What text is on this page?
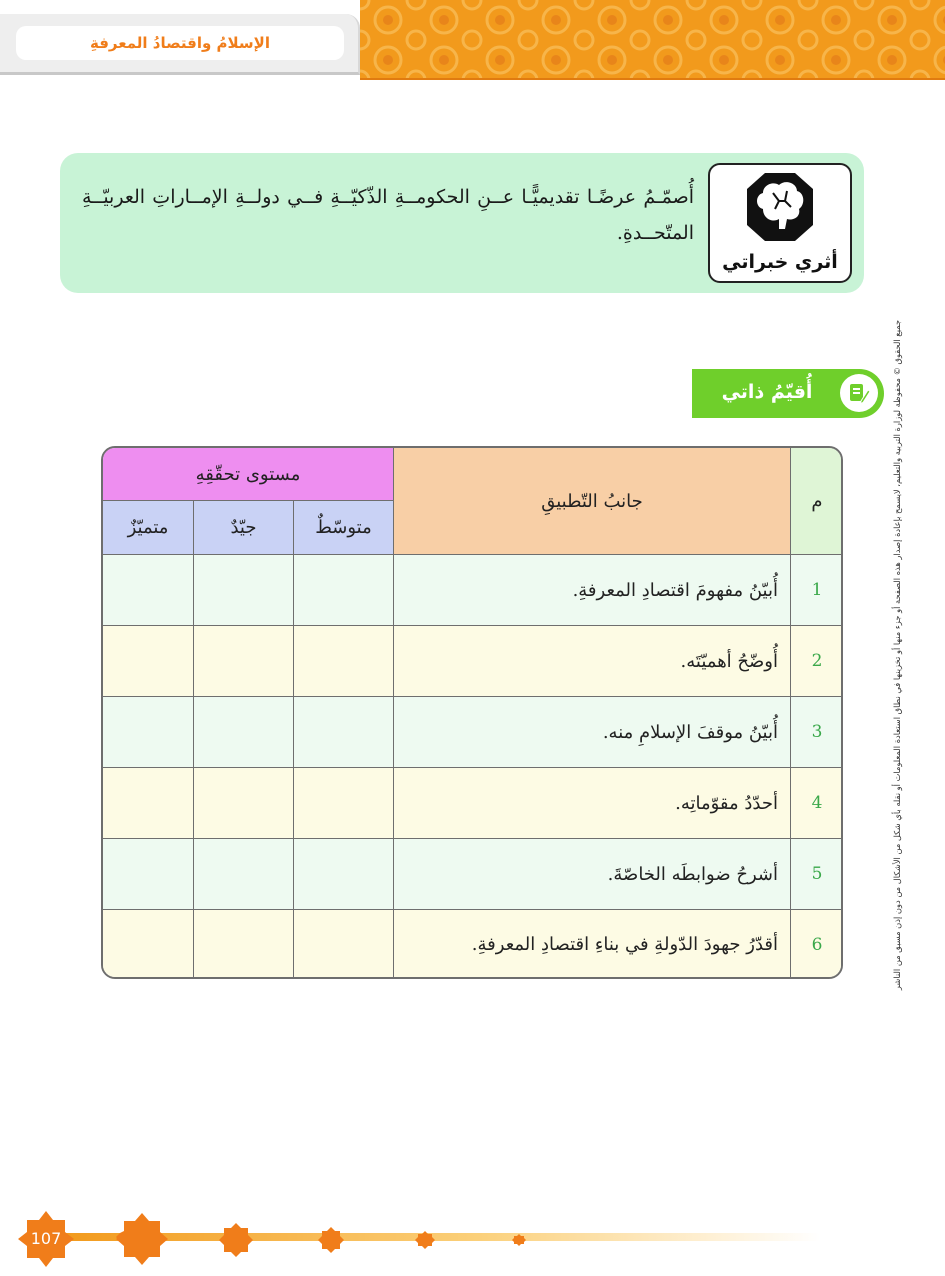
الإسلامُ واقتصادُ المعرفةِ
أثري خبراتي
أُصمّـمُ عرضًـا تقديميًّـا عــنِ الحكومــةِ الذّكيّــةِ فــي دولــةِ الإمــاراتِ العربيّــةِ المتّحــدةِ.
جميع الحقوق © محفوظة لوزارة التربية والتعليم، لايسمح بإعادة إصدار هذه الصفحة أو جزء منها أو تخزينها في نطاق استعادة المعلومات أو نقله بأي شكل من الأشكال من دون إذن مسبق من الناشر
أُقيّمُ ذاتي
مستوى تحقّقِهِ
جانبُ التّطبيقِ	م
متميّزٌ	جيّدٌ	متوسّطٌ
أُبيّنُ مفهومَ اقتصادِ المعرفةِ.	1
أُوضّحُ أهميّتَه.	2
أُبيّنُ موقفَ الإسلامِ منه.	3
أحدّدُ مقوّماتِه.	4
أشرحُ ضوابطَه الخاصّةَ.	5
أقدّرُ جهودَ الدّولةِ في بناءِ اقتصادِ المعرفةِ.	6
107
